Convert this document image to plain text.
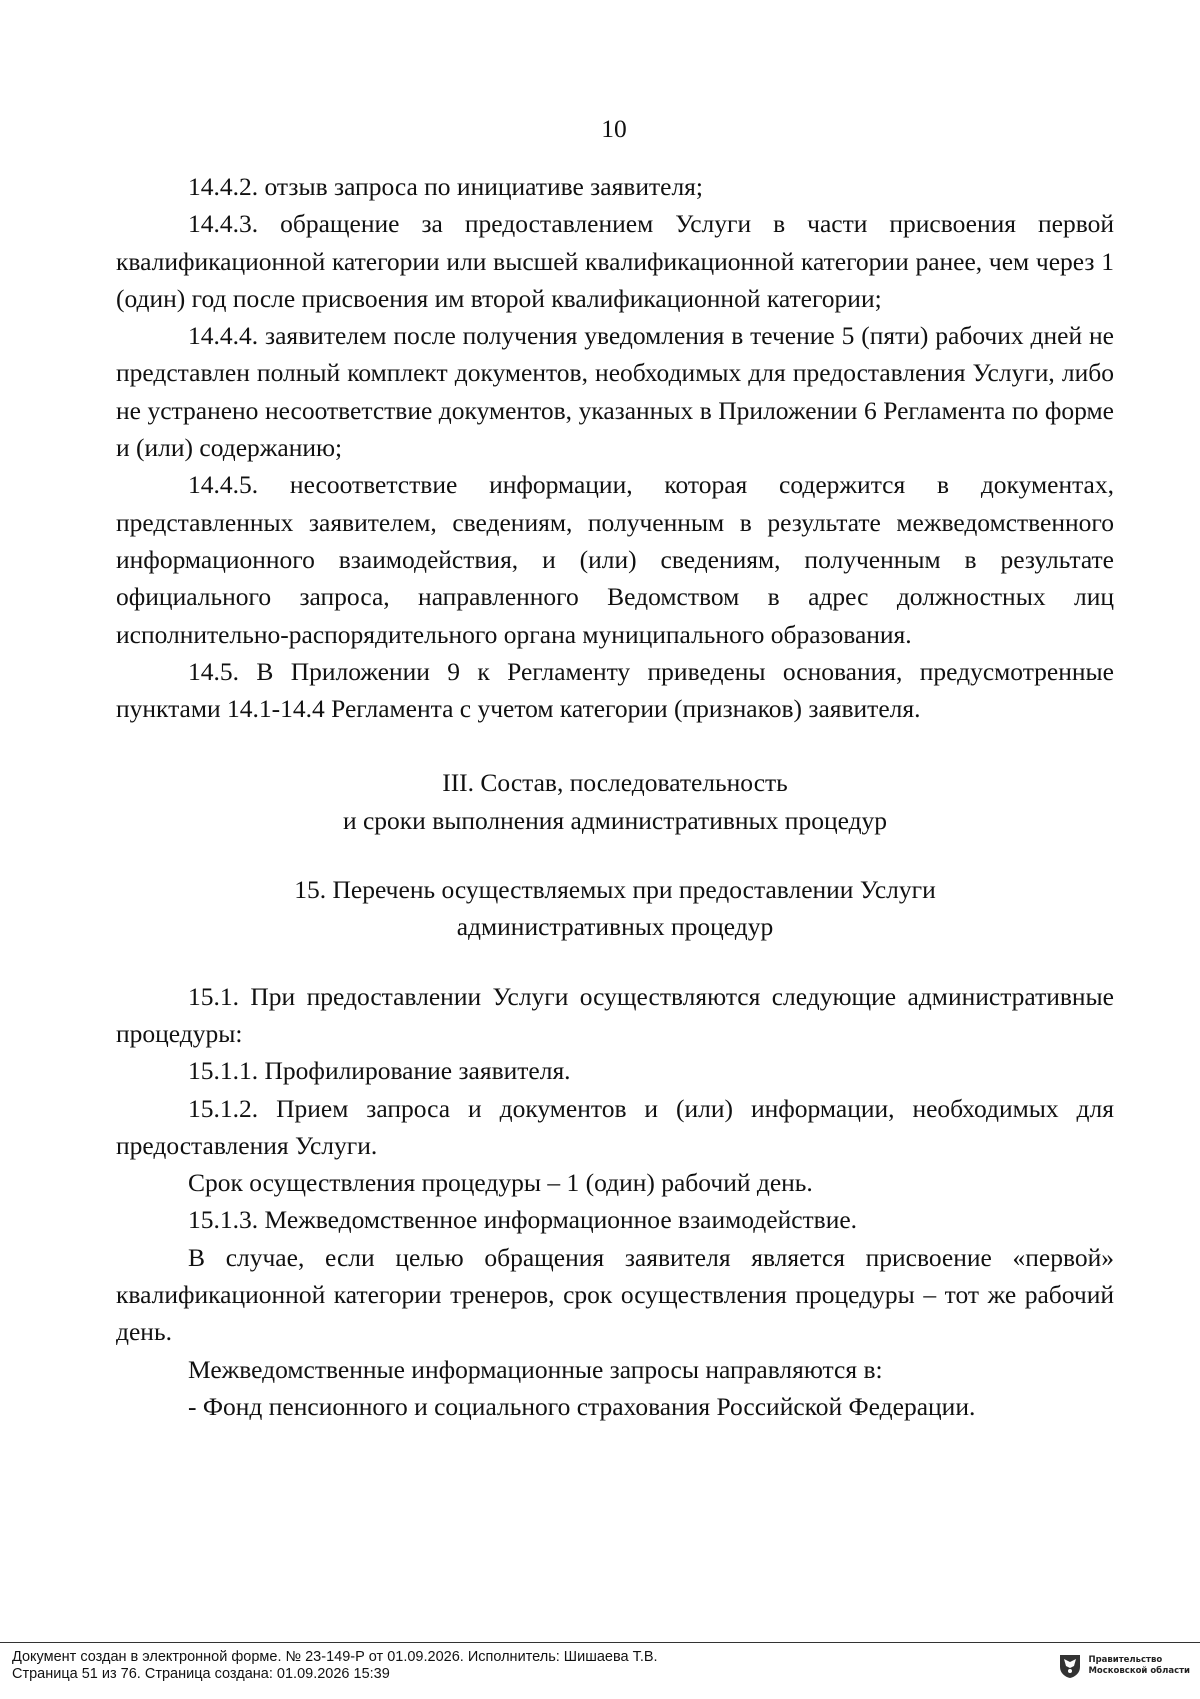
10

14.4.2. отзыв запроса по инициативе заявителя;

14.4.3. обращение за предоставлением Услуги в части присвоения первой квалификационной категории или высшей квалификационной категории ранее, чем через 1 (один) год после присвоения им второй квалификационной категории;

14.4.4. заявителем после получения уведомления в течение 5 (пяти) рабочих дней не представлен полный комплект документов, необходимых для предоставления Услуги, либо не устранено несоответствие документов, указанных в Приложении 6 Регламента по форме и (или) содержанию;

14.4.5. несоответствие информации, которая содержится в документах, представленных заявителем, сведениям, полученным в результате межведомственного информационного взаимодействия, и (или) сведениям, полученным в результате официального запроса, направленного Ведомством в адрес должностных лиц исполнительно-распорядительного органа муниципального образования.

14.5. В Приложении 9 к Регламенту приведены основания, предусмотренные пунктами 14.1-14.4 Регламента с учетом категории (признаков) заявителя.

III. Состав, последовательность

и сроки выполнения административных процедур

15. Перечень осуществляемых при предоставлении Услуги

административных процедур

15.1. При предоставлении Услуги осуществляются следующие административные процедуры:

15.1.1. Профилирование заявителя.

15.1.2. Прием запроса и документов и (или) информации, необходимых для предоставления Услуги.

Срок осуществления процедуры – 1 (один) рабочий день.

15.1.3. Межведомственное информационное взаимодействие.

В случае, если целью обращения заявителя является присвоение «первой» квалификационной категории тренеров, срок осуществления процедуры – тот же рабочий день.

Межведомственные информационные запросы направляются в:

- Фонд пенсионного и социального страхования Российской Федерации.

Документ создан в электронной форме. № 23-149-Р от 01.09.2026. Исполнитель: Шишаева Т.В.
Страница 51 из 76. Страница создана: 01.09.2026 15:39
Правительство
Московской области
